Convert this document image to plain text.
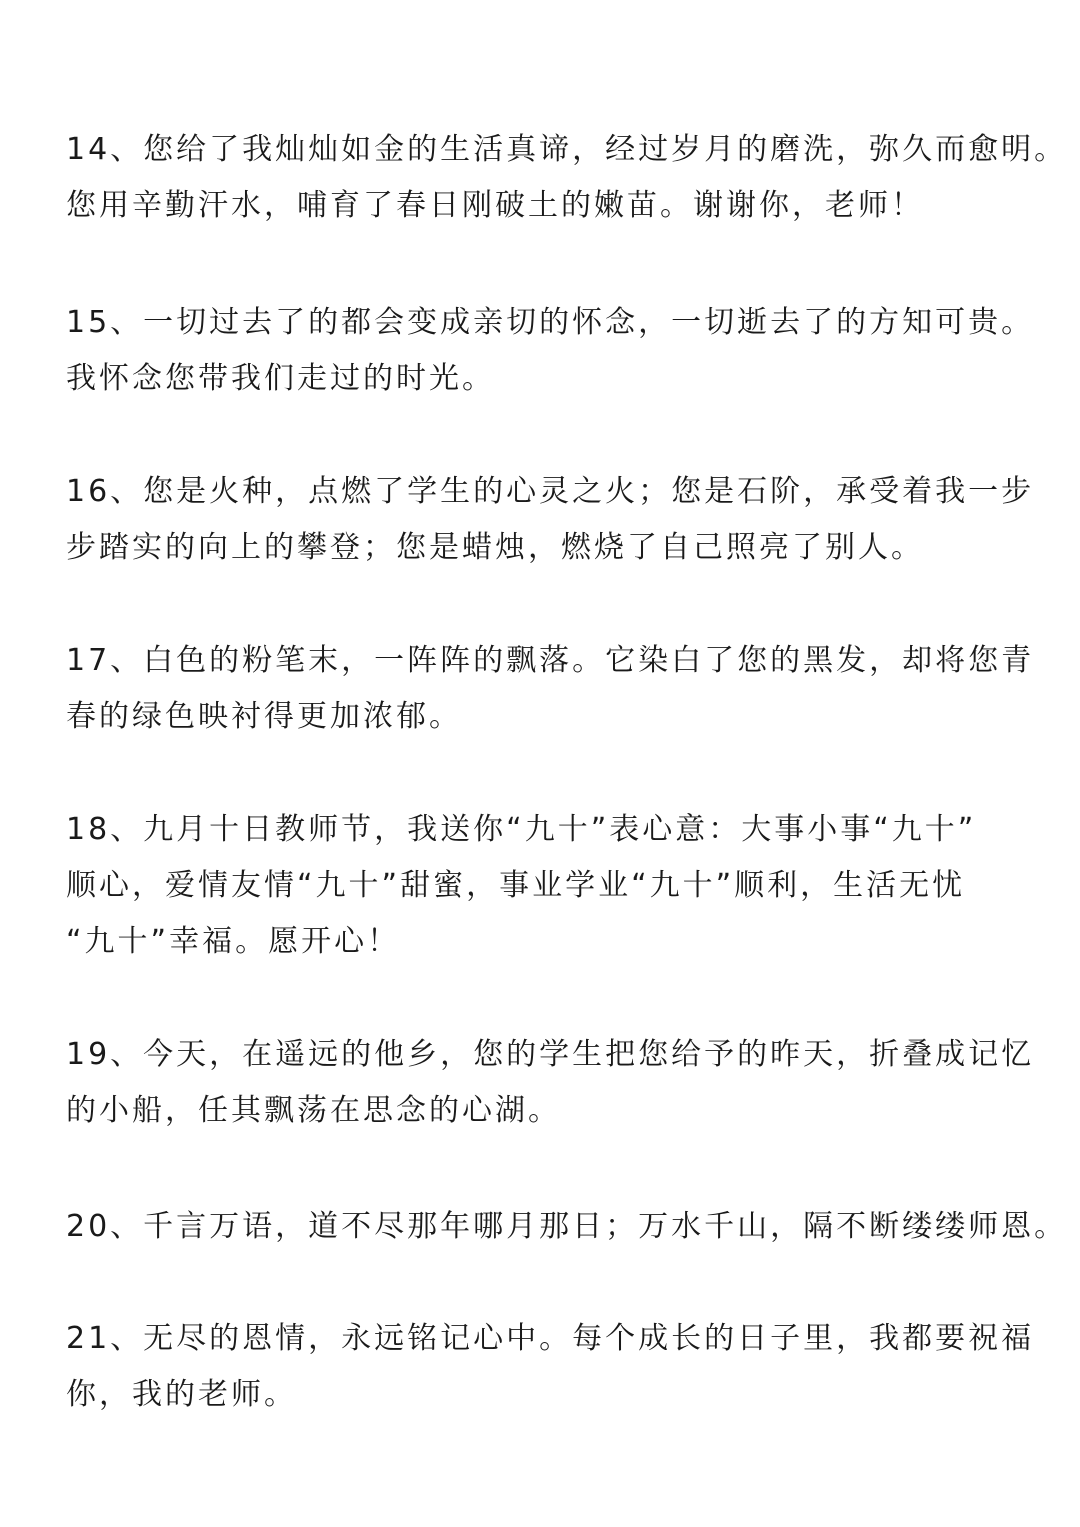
14、您给了我灿灿如金的生活真谛，经过岁月的磨洗，弥久而愈明。
您用辛勤汗水，哺育了春日刚破土的嫩苗。谢谢你，老师！

15、一切过去了的都会变成亲切的怀念，一切逝去了的方知可贵。
我怀念您带我们走过的时光。

16、您是火种，点燃了学生的心灵之火；您是石阶，承受着我一步
步踏实的向上的攀登；您是蜡烛，燃烧了自己照亮了别人。

17、白色的粉笔末，一阵阵的飘落。它染白了您的黑发，却将您青
春的绿色映衬得更加浓郁。

18、九月十日教师节，我送你“九十”表心意：大事小事“九十”
顺心，爱情友情“九十”甜蜜，事业学业“九十”顺利，生活无忧
“九十”幸福。愿开心！

19、今天，在遥远的他乡，您的学生把您给予的昨天，折叠成记忆
的小船，任其飘荡在思念的心湖。

20、千言万语，道不尽那年哪月那日；万水千山，隔不断缕缕师恩。

21、无尽的恩情，永远铭记心中。每个成长的日子里，我都要祝福
你，我的老师。
